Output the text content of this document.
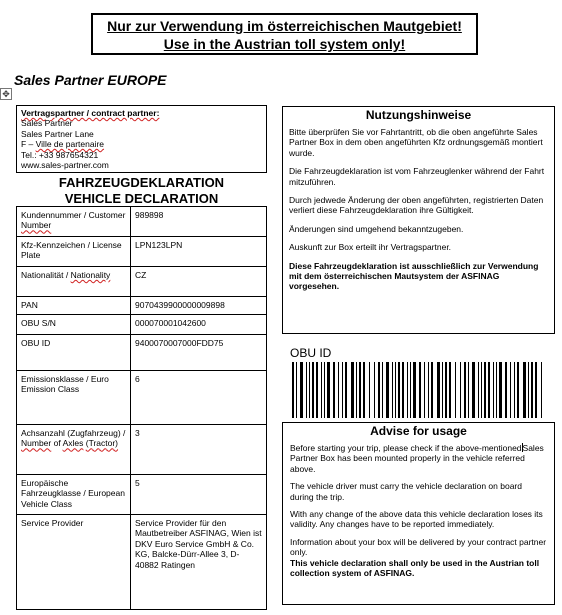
Nur zur Verwendung im österreichischen Mautgebiet!
Use in the Austrian toll system only!
Sales Partner EUROPE
✥
Vertragspartner / contract partner:
Sales Partner
Sales Partner Lane
F – Ville de partenaire
Tel.: +33 987654321
www.sales-partner.com
FAHRZEUGDEKLARATION
VEHICLE DECLARATION
Kundennummer / Customer Number	989898
Kfz-Kennzeichen / License Plate	LPN123LPN
Nationalität / Nationality	CZ
PAN	9070439900000009898
OBU S/N	000070001042600
OBU ID	9400070007000FDD75
Emissionsklasse / Euro Emission Class	6
Achsanzahl (Zugfahrzeug) / Number of Axles (Tractor)	3
Europäische Fahrzeugklasse / European Vehicle Class	5
Service Provider	Service Provider für den Mautbetreiber ASFINAG, Wien ist DKV Euro Service GmbH & Co. KG, Balcke-Dürr-Allee 3, D-40882 Ratingen
Nutzungshinweise

Bitte überprüfen Sie vor Fahrtantritt, ob die oben angeführte Sales Partner Box in dem oben angeführten Kfz ordnungsgemäß montiert wurde.

Die Fahrzeugdeklaration ist vom Fahrzeuglenker während der Fahrt mitzuführen.

Durch jedwede Änderung der oben angeführten, registrierten Daten verliert diese Fahrzeugdeklaration ihre Gültigkeit.

Änderungen sind umgehend bekanntzugeben.

Auskunft zur Box erteilt ihr Vertragspartner.

Diese Fahrzeugdeklaration ist ausschließlich zur Verwendung mit dem österreichischen Mautsystem der ASFINAG vorgesehen.

OBU ID
Advise for usage

Before starting your trip, please check if the above-mentionedSales Partner Box has been mounted properly in the vehicle referred above.

The vehicle driver must carry the vehicle declaration on board during the trip.

With any change of the above data this vehicle declaration loses its validity. Any changes have to be reported immediately.

Information about your box will be delivered by your contract partner only.

This vehicle declaration shall only be used in the Austrian toll collection system of ASFINAG.
